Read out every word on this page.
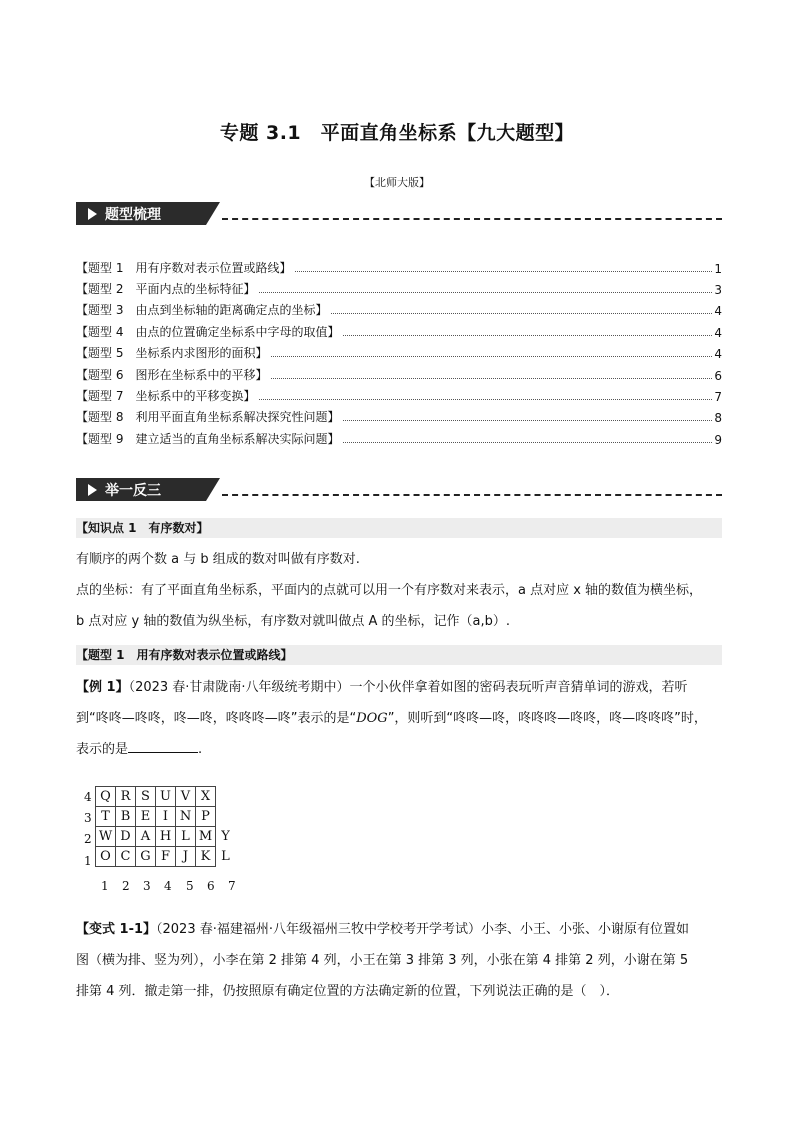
专题 3.1　平面直角坐标系【九大题型】
【北师大版】
题型梳理
【题型 1　用有序数对表示位置或路线】	1
【题型 2　平面内点的坐标特征】	3
【题型 3　由点到坐标轴的距离确定点的坐标】	4
【题型 4　由点的位置确定坐标系中字母的取值】	4
【题型 5　坐标系内求图形的面积】	4
【题型 6　图形在坐标系中的平移】	6
【题型 7　坐标系中的平移变换】	7
【题型 8　利用平面直角坐标系解决探究性问题】	8
【题型 9　建立适当的直角坐标系解决实际问题】	9
举一反三
【知识点 1　有序数对】
有顺序的两个数 a 与 b 组成的数对叫做有序数对.
点的坐标：有了平面直角坐标系，平面内的点就可以用一个有序数对来表示，a 点对应 x 轴的数值为横坐标，
b 点对应 y 轴的数值为纵坐标，有序数对就叫做点 A 的坐标，记作（a,b）.
【题型 1　用有序数对表示位置或路线】
【例 1】（2023 春·甘肃陇南·八年级统考期中）一个小伙伴拿着如图的密码表玩听声音猜单词的游戏，若听
到“咚咚—咚咚，咚—咚，咚咚咚—咚”表示的是“DOG”，则听到“咚咚—咚，咚咚咚—咚咚，咚—咚咚咚”时，
表示的是	.
4
3
2
1
Q	R	S	U	V	X	
T	B	E	I	N	P	
W	D	A	H	L	M	Y
O	C	G	F	J	K	L
1 2 3 4 5 6 7
【变式 1-1】（2023 春·福建福州·八年级福州三牧中学校考开学考试）小李、小王、小张、小谢原有位置如
图（横为排、竖为列），小李在第 2 排第 4 列，小王在第 3 排第 3 列，小张在第 4 排第 2 列，小谢在第 5
排第 4 列．撤走第一排，仍按照原有确定位置的方法确定新的位置，下列说法正确的是（　）．
